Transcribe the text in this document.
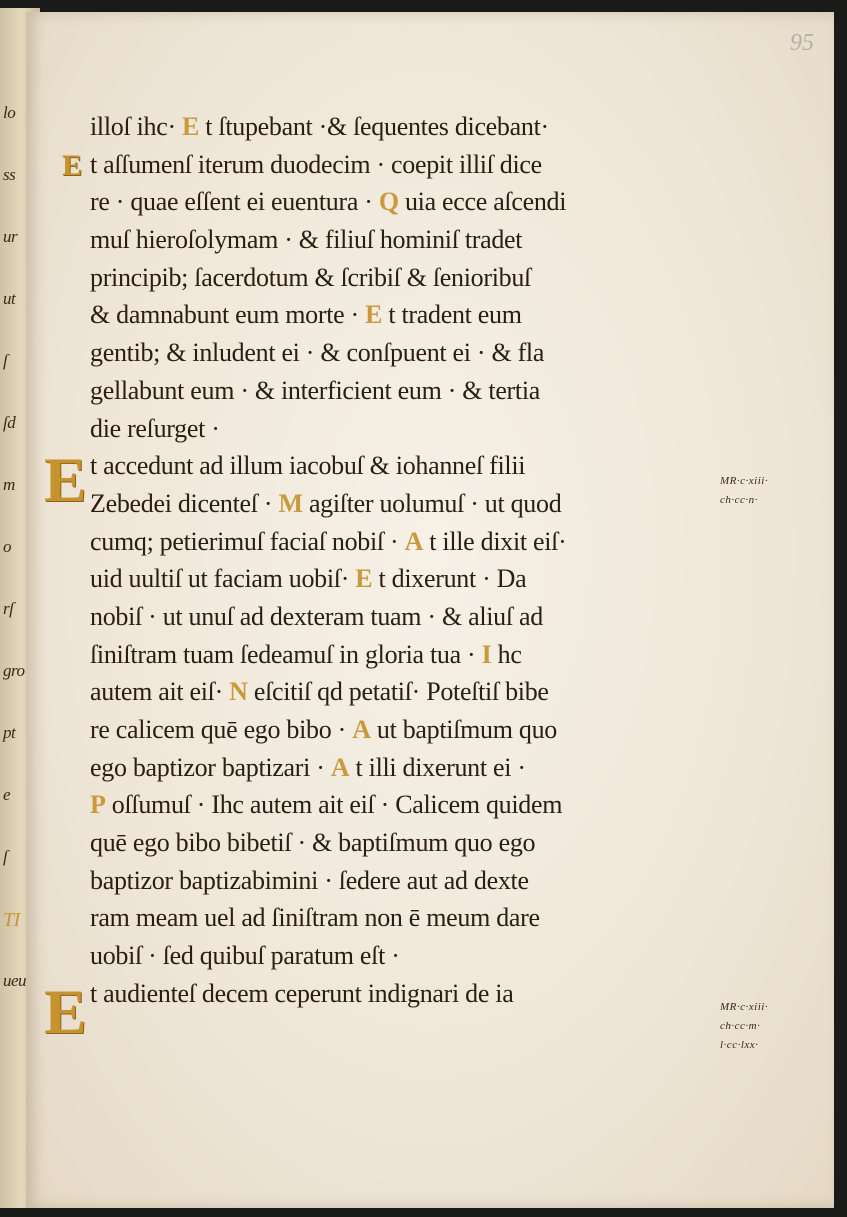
lo
ss
ur
ut
ſ
ſd
m
o
rſ
gro
pt
e
ſ
TI
ueu
95
E
E
E
illoſ ihc· E t ſtupebant ·& ſequentes dicebant·
t aſſumenſ iterum duodecim · coepit illiſ dice
re · quae eſſent ei euentura · Q uia ecce aſcendi
muſ hieroſolymam · & filiuſ hominiſ tradet
principib; ſacerdotum & ſcribiſ & ſenioribuſ
& damnabunt eum morte · E t tradent eum
gentib; & inludent ei · & conſpuent ei · & fla
gellabunt eum · & interficient eum · & tertia
die reſurget ·
t accedunt ad illum iacobuſ & iohanneſ filii
Zebedei dicenteſ · M agiſter uolumuſ · ut quod
cumq; petierimuſ faciaſ nobiſ · A t ille dixit eiſ·
uid uultiſ ut faciam uobiſ· E t dixerunt · Da
nobiſ · ut unuſ ad dexteram tuam · & aliuſ ad
ſiniſtram tuam ſedeamuſ in gloria tua · I hc
autem ait eiſ· N eſcitiſ qd petatiſ· Poteſtiſ bibe
re calicem quē ego bibo · A ut baptiſmum quo
ego baptizor baptizari · A t illi dixerunt ei ·
P oſſumuſ · Ihc autem ait eiſ · Calicem quidem
quē ego bibo bibetiſ · & baptiſmum quo ego
baptizor baptizabimini · ſedere aut ad dexte
ram meam uel ad ſiniſtram non ē meum dare
uobiſ · ſed quibuſ paratum eſt ·
t audienteſ decem ceperunt indignari de ia
MR·c·xiii·
ch·cc·n·
MR·c·xiii·
ch·cc·m·
l·cc·lxx·
